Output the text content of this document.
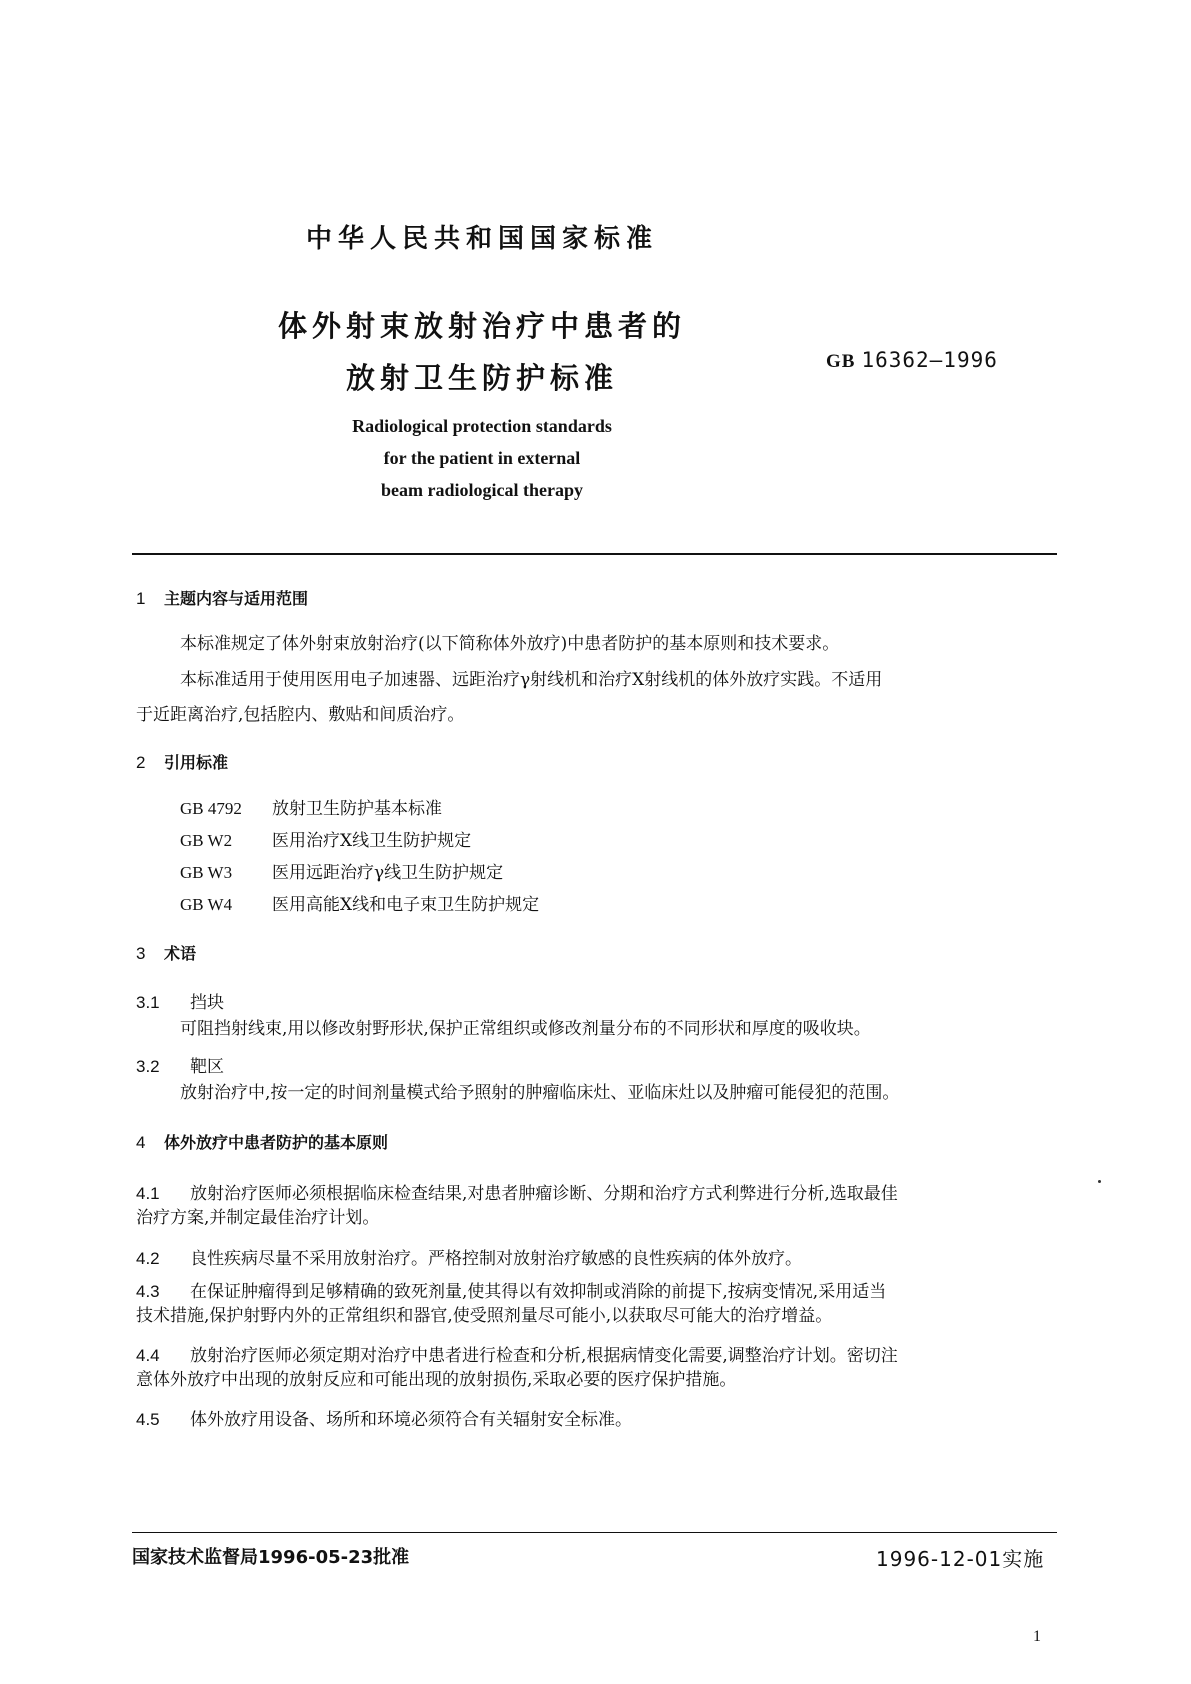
中华人民共和国国家标准
体外射束放射治疗中患者的
放射卫生防护标准	GB 16362—1996
Radiological protection standards
for the patient in external
beam radiological therapy
1 主题内容与适用范围
本标准规定了体外射束放射治疗(以下简称体外放疗)中患者防护的基本原则和技术要求。
本标准适用于使用医用电子加速器、远距治疗γ射线机和治疗X射线机的体外放疗实践。不适用
于近距离治疗,包括腔内、敷贴和间质治疗。
2 引用标准
GB 4792 放射卫生防护基本标准
GB W2 医用治疗X线卫生防护规定
GB W3 医用远距治疗γ线卫生防护规定
GB W4 医用高能X线和电子束卫生防护规定
3 术语
3.1 挡块
可阻挡射线束,用以修改射野形状,保护正常组织或修改剂量分布的不同形状和厚度的吸收块。
3.2 靶区
放射治疗中,按一定的时间剂量模式给予照射的肿瘤临床灶、亚临床灶以及肿瘤可能侵犯的范围。
4 体外放疗中患者防护的基本原则
4.1 放射治疗医师必须根据临床检查结果,对患者肿瘤诊断、分期和治疗方式利弊进行分析,选取最佳
治疗方案,并制定最佳治疗计划。
4.2 良性疾病尽量不采用放射治疗。严格控制对放射治疗敏感的良性疾病的体外放疗。
4.3 在保证肿瘤得到足够精确的致死剂量,使其得以有效抑制或消除的前提下,按病变情况,采用适当
技术措施,保护射野内外的正常组织和器官,使受照剂量尽可能小,以获取尽可能大的治疗增益。
4.4 放射治疗医师必须定期对治疗中患者进行检查和分析,根据病情变化需要,调整治疗计划。密切注
意体外放疗中出现的放射反应和可能出现的放射损伤,采取必要的医疗保护措施。
4.5 体外放疗用设备、场所和环境必须符合有关辐射安全标准。
国家技术监督局1996-05-23批准	1996-12-01实施
1
